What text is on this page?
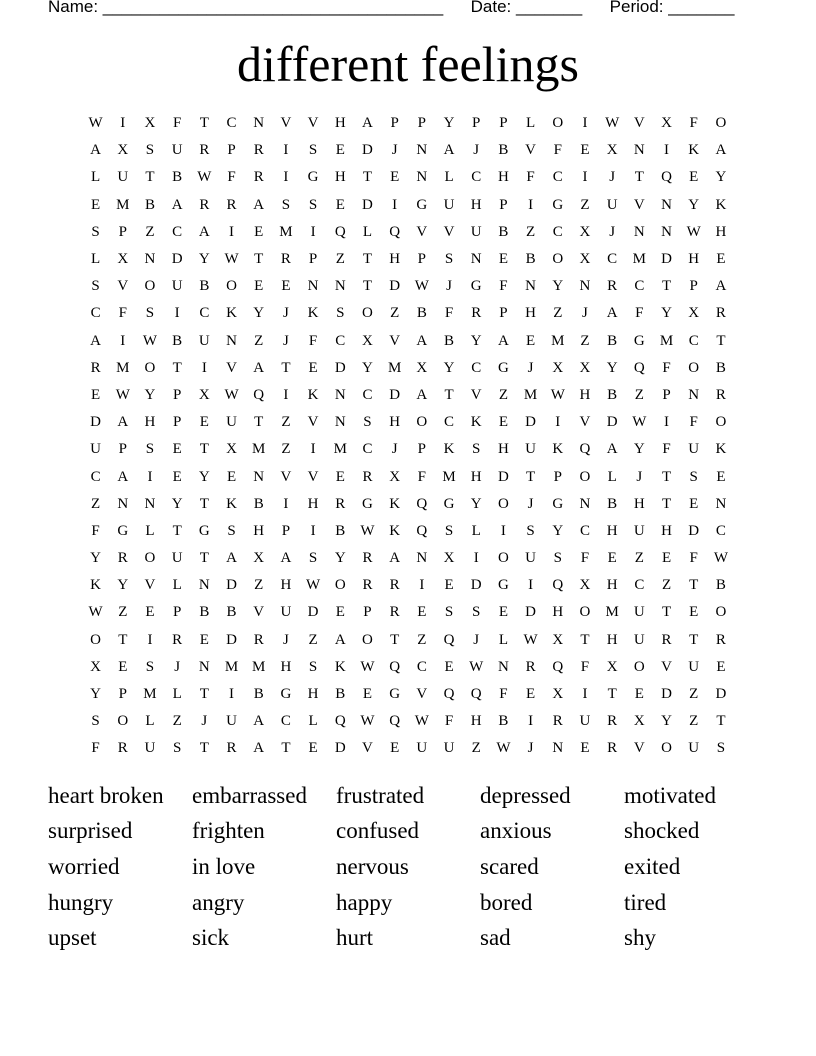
Name: ____________________________________ Date: _______ Period: _______
different feelings
W	I	X	F	T	C	N	V	V	H	A	P	P	Y	P	P	L	O	I	W V	X	F	O
A	X	S	U	R	P	R	I	S	E	D	J	N	A	J	B	V	F	E	X	N	I	K	A
L	U	T	B	W	F	R	I	G	H	T	E	N	L	C	H	F	C	I	J	T	Q	E	Y
E	M	B	A	R	R	A	S	S	E	D	I	G	U	H	P	I	G	Z	U	V	N	Y	K
S	P	Z	C	A	I	E	M	I	Q	L	Q	V	V	U	B	Z	C	X	J	N	N W H
L	X	N	D	Y W	T	R	P	Z	T	H	P	S	N	E	B	O	X	C	M	D	H	E
S	V	O	U	B	O	E	E	N	N	T	D W	J	G	F	N	Y	N	R	C	T	P	A
C	F	S	I	C	K	Y	J	K	S	O	Z	B	F	R	P	H	Z	J	A	F	Y	X	R
A	I	W	B	U	N	Z	J	F	C	X	V	A	B	Y	A	E	M	Z	B	G	M	C	T
R	M	O	T	I	V	A	T	E	D	Y	M	X	Y	C	G	J	X	X	Y	Q	F	O	B
E	W Y	P	X W Q	I	K	N	C	D	A	T	V	Z	M W H	B	Z	P	N	R
D	A	H	P	E	U	T	Z	V	N	S	H	O	C	K	E	D	I	V	D W	I	F	O
U	P	S	E	T	X	M	Z	I	M	C	J	P	K	S	H	U	K	Q	A	Y	F	U	K
C	A	I	E	Y	E	N	V	V	E	R	X	F	M	H	D	T	P	O	L	J	T	S	E
Z	N	N	Y	T	K	B	I	H	R	G	K	Q	G	Y	O	J	G	N	B	H	T	E	N
F	G	L	T	G	S	H	P	I	B	W K	Q	S	L	I	S	Y	C	H	U	H	D	C
Y	R	O	U	T	A	X	A	S	Y	R	A	N	X	I	O	U	S	F	E	Z	E	F	W
K	Y	V	L	N	D	Z	H W O	R	R	I	E	D	G	I	Q	X	H	C	Z	T	B
W	Z	E	P	B	B	V	U	D	E	P	R	E	S	S	E	D	H	O	M	U	T	E	O
O	T	I	R	E	D	R	J	Z	A	O	T	Z	Q	J	L	W X	T	H	U	R	T	R
X	E	S	J	N	M M	H	S	K W Q	C	E	W N	R	Q	F	X	O	V	U	E
Y	P	M	L	T	I	B	G	H	B	E	G	V	Q	Q	F	E	X	I	T	E	D	Z	D
S	O	L	Z	J	U	A	C	L	Q W Q W	F	H	B	I	R	U	R	X	Y	Z	T
F	R	U	S	T	R	A	T	E	D	V	E	U	U	Z	W	J	N	E	R	V	O	U	S
heart broken	embarrassed	frustrated	depressed	motivated
surprised	frighten	confused	anxious	shocked
worried	in love	nervous	scared	exited
hungry	angry	happy	bored	tired
upset	sick	hurt	sad	shy
